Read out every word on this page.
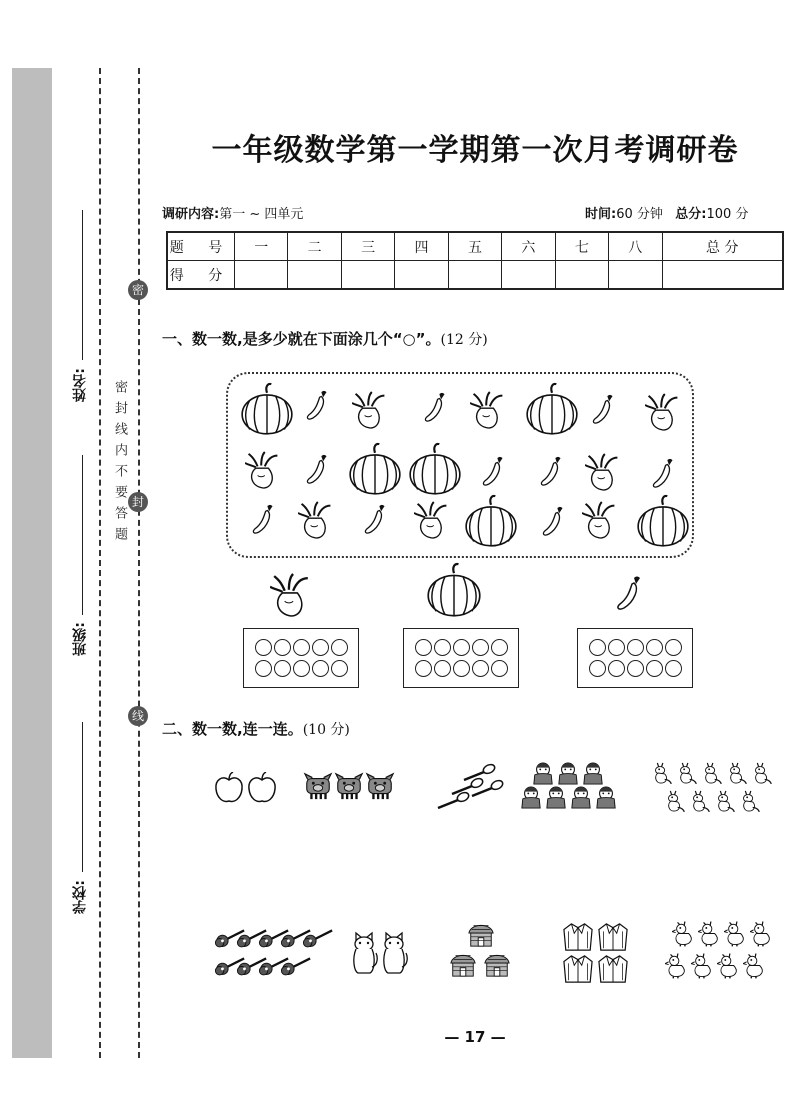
姓名:
班级:
学校:
密
封
线
密封线内不要答题
一年级数学第一学期第一次月考调研卷
调研内容:第一 ~ 四单元	时间:60 分钟 总分:100 分
题 号	一	二	三	四	五	六	七	八	总 分
得 分									
一、数一数,是多少就在下面涂几个“○”。(12 分)
二、数一数,连一连。(10 分)
— 17 —
